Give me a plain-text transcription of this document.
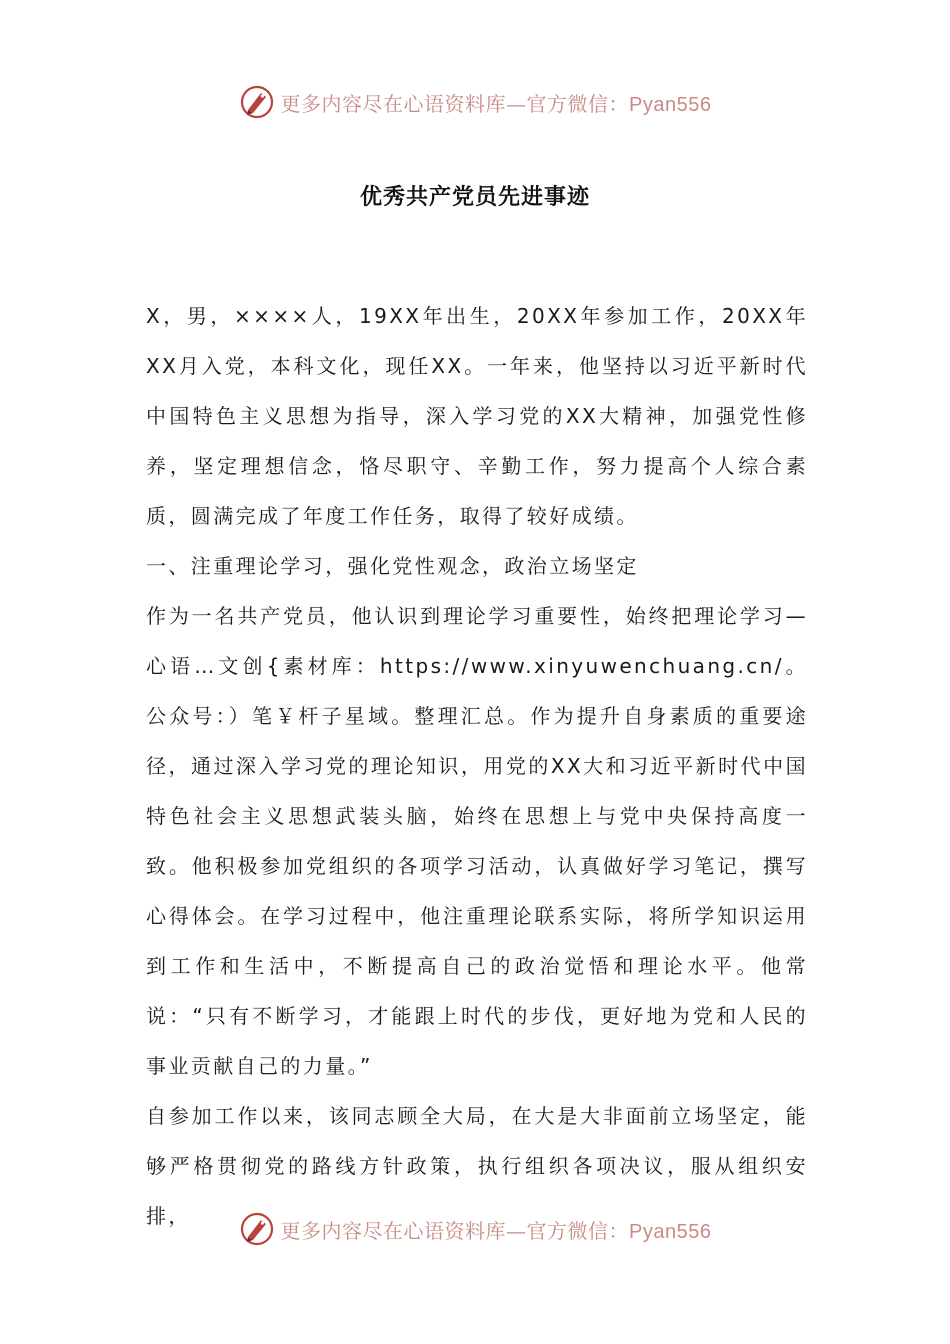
更多内容尽在心语资料库—官方微信：Pyan556
优秀共产党员先进事迹

X，男，××××人，19XX年出生，20XX年参加工作，20XX年XX月入党，本科文化，现任XX。一年来，他坚持以习近平新时代中国特色主义思想为指导，深入学习党的XX大精神，加强党性修养，坚定理想信念，恪尽职守、辛勤工作，努力提高个人综合素质，圆满完成了年度工作任务，取得了较好成绩。

一、注重理论学习，强化党性观念，政治立场坚定

作为一名共产党员，他认识到理论学习重要性，始终把理论学习—心语…文创{素材库：https://www.xinyuwenchuang.cn/。公众号：）笔￥杆子星域。整理汇总。作为提升自身素质的重要途径，通过深入学习党的理论知识，用党的XX大和习近平新时代中国特色社会主义思想武装头脑，始终在思想上与党中央保持高度一致。他积极参加党组织的各项学习活动，认真做好学习笔记，撰写心得体会。在学习过程中，他注重理论联系实际，将所学知识运用到工作和生活中，不断提高自己的政治觉悟和理论水平。他常说：“只有不断学习，才能跟上时代的步伐，更好地为党和人民的事业贡献自己的力量。”

自参加工作以来，该同志顾全大局，在大是大非面前立场坚定，能够严格贯彻党的路线方针政策，执行组织各项决议，服从组织安排，

更多内容尽在心语资料库—官方微信：Pyan556
